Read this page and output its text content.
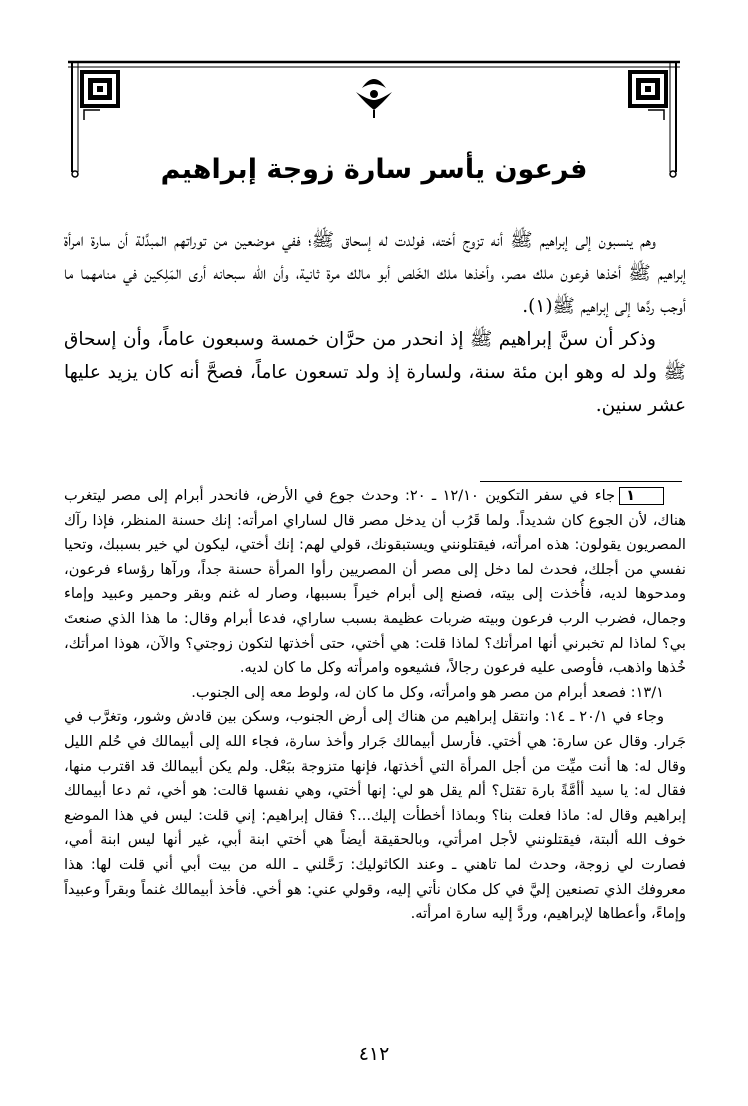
فرعون يأسر سارة زوجة إبراهيم

وهم ينسبون إلى إبراهيم ﷺ أنه تزوج أخته، فولدت له إسحاق ﷺ؛ ففي موضعين من توراتهم المبدَّلة أن سارة امرأة إبراهيم ﷺ أخذها فرعون ملك مصر، وأخذها ملك الخَلص أبو مالك مرة ثانية، وأن الله سبحانه أرى المَلِكين في منامهما ما أوجب ردَّها إلى إبراهيم ﷺ(١).

وذكر أن سنَّ إبراهيم ﷺ إذ انحدر من حرَّان خمسة وسبعون عاماً، وأن إسحاق ﷺ ولد له وهو ابن مئة سنة، ولسارة إذ ولد تسعون عاماً، فصحَّ أنه كان يزيد عليها عشر سنين.

١جاء في سفر التكوين ١٢/١٠ ـ ٢٠: وحدث جوع في الأرض، فانحدر أبرام إلى مصر ليتغرب هناك، لأن الجوع كان شديداً. ولما قَرُب أن يدخل مصر قال لساراي امرأته: إنك حسنة المنظر، فإذا رآك المصريون يقولون: هذه امرأته، فيقتلونني ويستبقونك، قولي لهم: إنك أختي، ليكون لي خير بسببك، وتحيا نفسي من أجلك، فحدث لما دخل إلى مصر أن المصريين رأوا المرأة حسنة جداً، ورآها رؤساء فرعون، ومدحوها لديه، فأُخذت إلى بيته، فصنع إلى أبرام خيراً بسببها، وصار له غنم وبقر وحمير وعبيد وإماء وجمال، فضرب الرب فرعون وبيته ضربات عظيمة بسبب ساراي، فدعا أبرام وقال: ما هذا الذي صنعتَ بي؟ لماذا لم تخبرني أنها امرأتك؟ لماذا قلت: هي أختي، حتى أخذتها لتكون زوجتي؟ والآن، هوذا امرأتك، خُذها واذهب، فأوصى عليه فرعون رجالاً، فشيعوه وامرأته وكل ما كان لديه.

١٣/١: فصعد أبرام من مصر هو وامرأته، وكل ما كان له، ولوط معه إلى الجنوب.

وجاء في ٢٠/١ ـ ١٤: وانتقل إبراهيم من هناك إلى أرض الجنوب، وسكن بين قادش وشور، وتغرَّب في جَرار. وقال عن سارة: هي أختي. فأرسل أبيمالك جَرار وأخذ سارة، فجاء الله إلى أبيمالك في حُلم الليل وقال له: ها أنت ميِّت من أجل المرأة التي أخذتها، فإنها متزوجة ببَعْل. ولم يكن أبيمالك قد اقترب منها، فقال له: يا سيد أأمَّةً بارة تقتل؟ ألم يقل هو لي: إنها أختي، وهي نفسها قالت: هو أخي، ثم دعا أبيمالك إبراهيم وقال له: ماذا فعلت بنا؟ وبماذا أخطأت إليك...؟ فقال إبراهيم: إني قلت: ليس في هذا الموضع خوف الله ألبتة، فيقتلونني لأجل امرأتي، وبالحقيقة أيضاً هي أختي ابنة أبي، غير أنها ليس ابنة أمي، فصارت لي زوجة، وحدث لما تاهني ـ وعند الكاثوليك: رَحَّلني ـ الله من بيت أبي أني قلت لها: هذا معروفك الذي تصنعين إليَّ في كل مكان نأتي إليه، وقولي عني: هو أخي. فأخذ أبيمالك غنماً وبقراً وعبيداً وإماءً، وأعطاها لإبراهيم، وردَّ إليه سارة امرأته.

٤١٢
